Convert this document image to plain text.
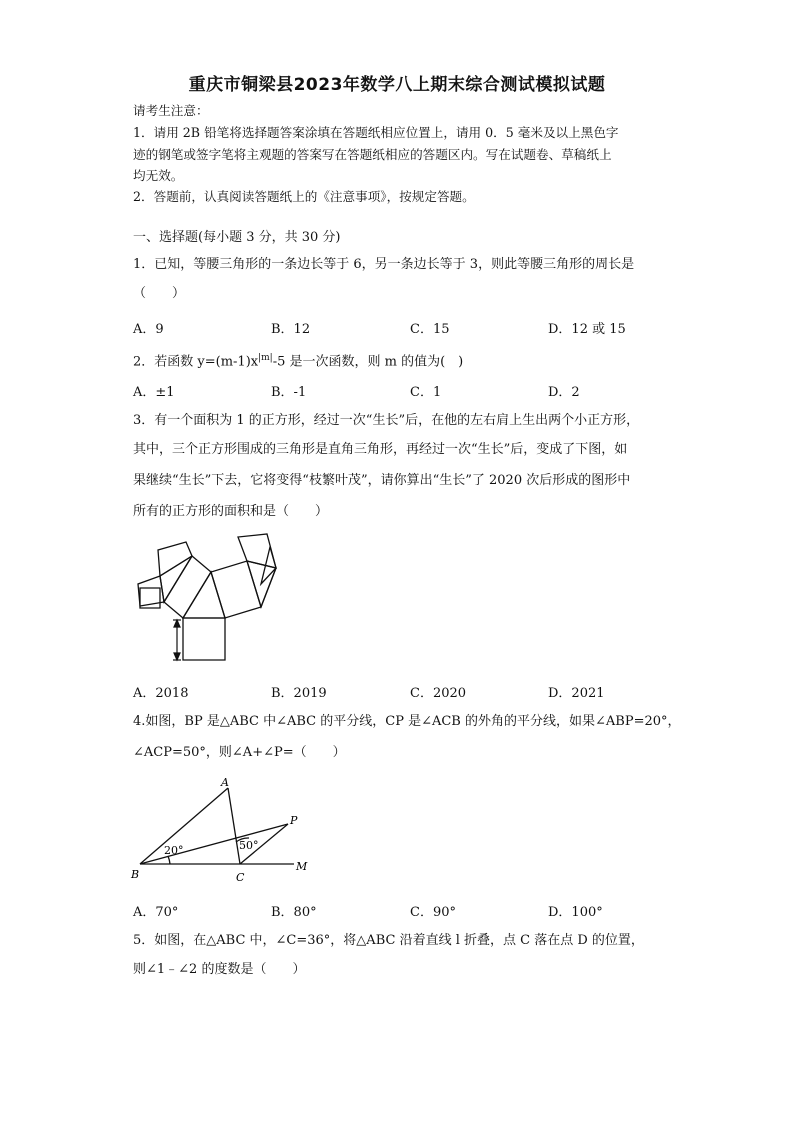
重庆市铜梁县2023年数学八上期末综合测试模拟试题
请考生注意：
1．请用 2B 铅笔将选择题答案涂填在答题纸相应位置上，请用 0．5 毫米及以上黑色字
迹的钢笔或签字笔将主观题的答案写在答题纸相应的答题区内。写在试题卷、草稿纸上
均无效。
2．答题前，认真阅读答题纸上的《注意事项》，按规定答题。
一、选择题(每小题 3 分，共 30 分)
1．已知，等腰三角形的一条边长等于 6，另一条边长等于 3，则此等腰三角形的周长是
（　　）
A．9	B．12	C．15	D．12 或 15
2．若函数 $y=(m-1)x^{|m|}-5$ 是一次函数，则 m 的值为(　)
A．±1	B．-1	C．1	D．2
3．有一个面积为 1 的正方形，经过一次“生长”后，在他的左右肩上生出两个小正方形，
其中，三个正方形围成的三角形是直角三角形，再经过一次“生长”后，变成了下图，如
果继续“生长”下去，它将变得“枝繁叶茂”，请你算出“生长”了 2020 次后形成的图形中
所有的正方形的面积和是（　　）
A．2018	B．2019	C．2020	D．2021
4.如图，BP 是△ABC 中∠ABC 的平分线，CP 是∠ACB 的外角的平分线，如果∠ABP=20°，
∠ACP=50°，则∠A+∠P=（　　）
A
B	C
P
M
20°	50°
A．70°	B．80°	C．90°	D．100°
5．如图，在△ABC 中，∠C=36°，将△ABC 沿着直线 l 折叠，点 C 落在点 D 的位置，
则∠1﹣∠2 的度数是（　　）
